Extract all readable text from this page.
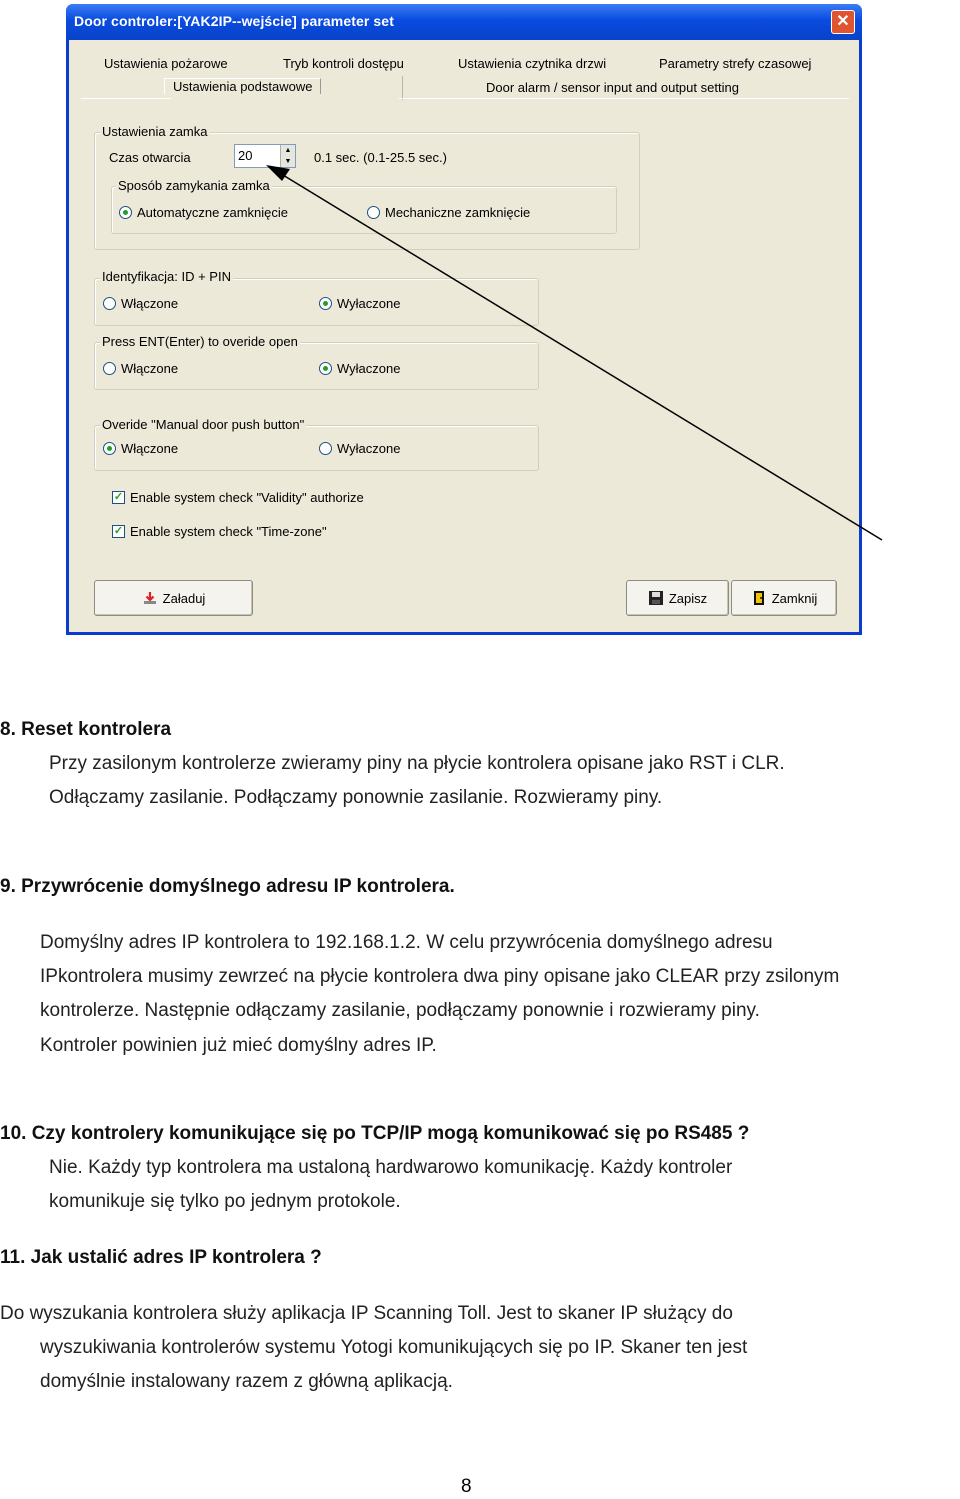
Door controler:[YAK2IP--wejście] parameter set	✕
Ustawienia pożarowe	Tryb kontroli dostępu	Ustawienia czytnika drzwi	Parametry strefy czasowej
Ustawienia podstawowe	Door alarm / sensor input and output setting
Ustawienia zamka
Czas otwarcia	20	▲
▼ 0.1 sec. (0.1-25.5 sec.)
Sposób zamykania zamka
Automatyczne zamknięcie	Mechaniczne zamknięcie
Identyfikacja: ID + PIN
Włączone	Wyłaczone
Press ENT(Enter) to overide open
Włączone	Wyłaczone
Overide "Manual door push button"
Włączone	Wyłaczone
✓ Enable system check "Validity" authorize
✓ Enable system check "Time-zone"
Załaduj	Zapisz	Zamknij
8. Reset kontrolera
Przy zasilonym kontrolerze zwieramy piny na płycie kontrolera opisane jako RST i CLR.
Odłączamy zasilanie. Podłączamy ponownie zasilanie. Rozwieramy piny.
9. Przywrócenie domyślnego adresu IP kontrolera.
Domyślny adres IP kontrolera to 192.168.1.2. W celu przywrócenia domyślnego adresu
IPkontrolera musimy zewrzeć na płycie kontrolera dwa piny opisane jako CLEAR przy zsilonym
kontrolerze. Następnie odłączamy zasilanie, podłączamy ponownie i rozwieramy piny.
Kontroler powinien już mieć domyślny adres IP.
10. Czy kontrolery komunikujące się po TCP/IP mogą komunikować się po RS485 ?
Nie. Każdy typ kontrolera ma ustaloną hardwarowo komunikację. Każdy kontroler
komunikuje się tylko po jednym protokole.
11. Jak ustalić adres IP kontrolera ?
Do wyszukania kontrolera służy aplikacja IP Scanning Toll. Jest to skaner IP służący do
wyszukiwania kontrolerów systemu Yotogi komunikujących się po IP. Skaner ten jest
domyślnie instalowany razem z główną aplikacją.
8
